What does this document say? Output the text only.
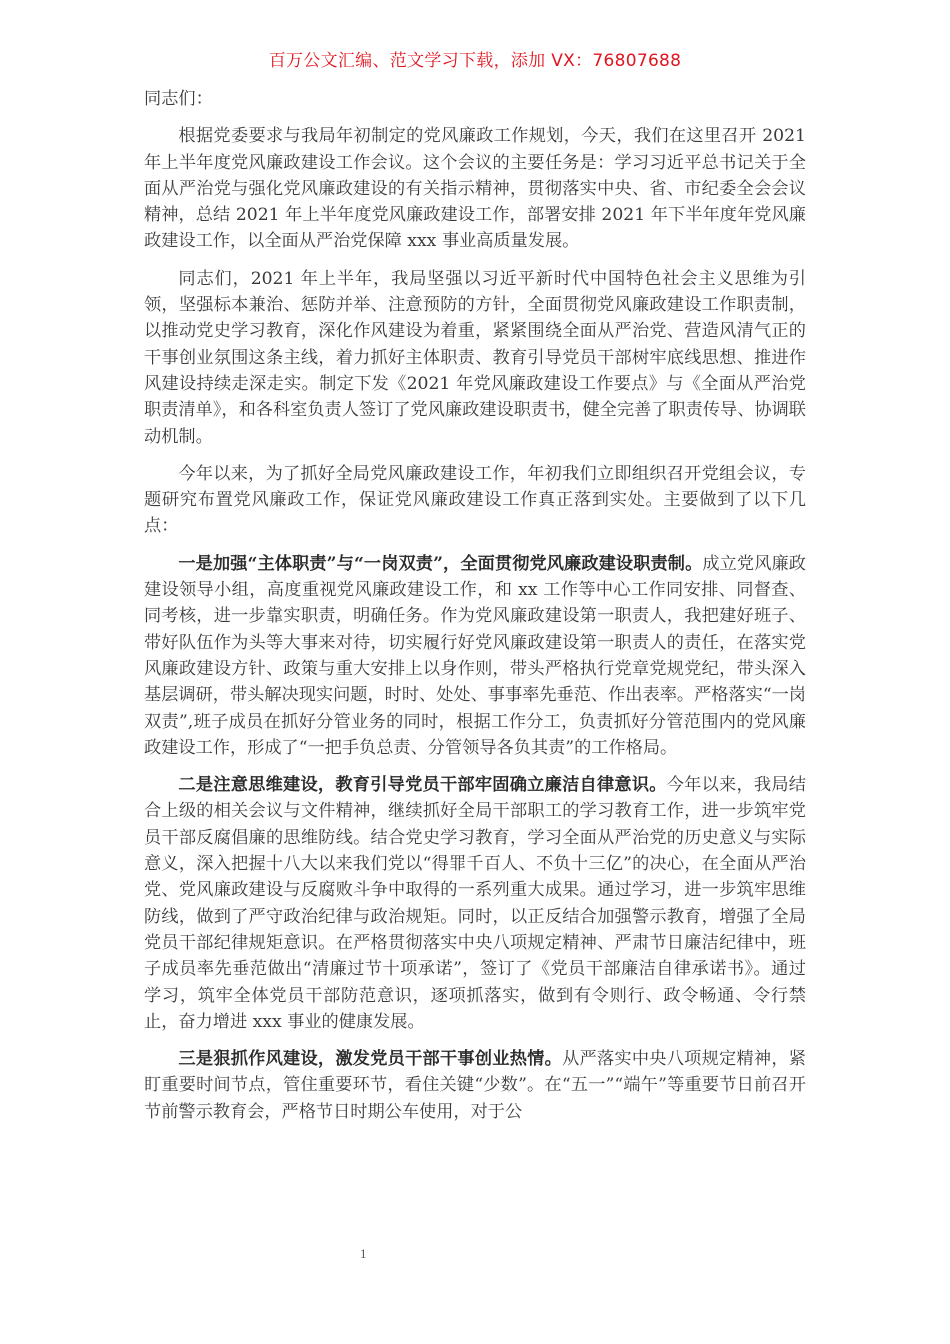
百万公文汇编、范文学习下载，添加 VX：76807688

同志们：

根据党委要求与我局年初制定的党风廉政工作规划，今天，我们在这里召开 2021 年上半年度党风廉政建设工作会议。这个会议的主要任务是：学习习近平总书记关于全面从严治党与强化党风廉政建设的有关指示精神，贯彻落实中央、省、市纪委全会会议精神，总结 2021 年上半年度党风廉政建设工作，部署安排 2021 年下半年度年党风廉政建设工作，以全面从严治党保障 xxx 事业高质量发展。

同志们，2021 年上半年，我局坚强以习近平新时代中国特色社会主义思维为引领，坚强标本兼治、惩防并举、注意预防的方针，全面贯彻党风廉政建设工作职责制，以推动党史学习教育，深化作风建设为着重，紧紧围绕全面从严治党、营造风清气正的干事创业氛围这条主线，着力抓好主体职责、教育引导党员干部树牢底线思想、推进作风建设持续走深走实。制定下发《2021 年党风廉政建设工作要点》与《全面从严治党职责清单》，和各科室负责人签订了党风廉政建设职责书，健全完善了职责传导、协调联动机制。

今年以来，为了抓好全局党风廉政建设工作，年初我们立即组织召开党组会议，专题研究布置党风廉政工作，保证党风廉政建设工作真正落到实处。主要做到了以下几点：

一是加强“主体职责”与“一岗双责”，全面贯彻党风廉政建设职责制。成立党风廉政建设领导小组，高度重视党风廉政建设工作，和 xx 工作等中心工作同安排、同督查、同考核，进一步靠实职责，明确任务。作为党风廉政建设第一职责人，我把建好班子、带好队伍作为头等大事来对待，切实履行好党风廉政建设第一职责人的责任，在落实党风廉政建设方针、政策与重大安排上以身作则，带头严格执行党章党规党纪，带头深入基层调研，带头解决现实问题，时时、处处、事事率先垂范、作出表率。严格落实“一岗双责”,班子成员在抓好分管业务的同时，根据工作分工，负责抓好分管范围内的党风廉政建设工作，形成了“一把手负总责、分管领导各负其责”的工作格局。

二是注意思维建设，教育引导党员干部牢固确立廉洁自律意识。今年以来，我局结合上级的相关会议与文件精神，继续抓好全局干部职工的学习教育工作，进一步筑牢党员干部反腐倡廉的思维防线。结合党史学习教育，学习全面从严治党的历史意义与实际意义，深入把握十八大以来我们党以“得罪千百人、不负十三亿”的决心，在全面从严治党、党风廉政建设与反腐败斗争中取得的一系列重大成果。通过学习，进一步筑牢思维防线，做到了严守政治纪律与政治规矩。同时，以正反结合加强警示教育，增强了全局党员干部纪律规矩意识。在严格贯彻落实中央八项规定精神、严肃节日廉洁纪律中，班子成员率先垂范做出“清廉过节十项承诺”，签订了《党员干部廉洁自律承诺书》。通过学习，筑牢全体党员干部防范意识，逐项抓落实，做到有令则行、政令畅通、令行禁止，奋力增进 xxx 事业的健康发展。

三是狠抓作风建设，激发党员干部干事创业热情。从严落实中央八项规定精神，紧盯重要时间节点，管住重要环节，看住关键“少数”。在“五一”“端午”等重要节日前召开节前警示教育会，严格节日时期公车使用，对于公

1
